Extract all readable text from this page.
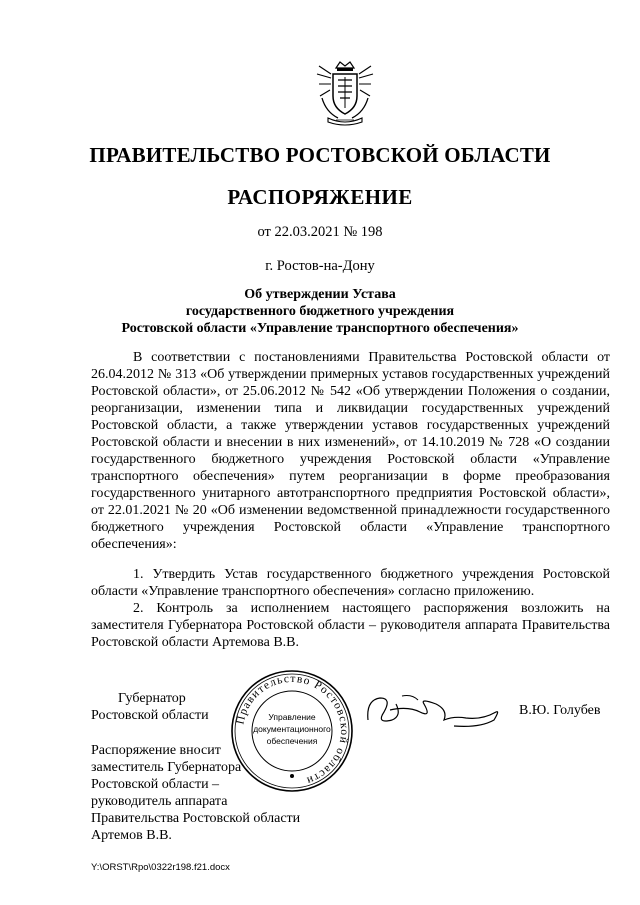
ПРАВИТЕЛЬСТВО РОСТОВСКОЙ ОБЛАСТИ
РАСПОРЯЖЕНИЕ
от 22.03.2021 № 198
г. Ростов-на-Дону
Об утверждении Устава
государственного бюджетного учреждения
Ростовской области «Управление транспортного обеспечения»

В соответствии с постановлениями Правительства Ростовской области от 26.04.2012 № 313 «Об утверждении примерных уставов государственных учреждений Ростовской области», от 25.06.2012 № 542 «Об утверждении Положения о создании, реорганизации, изменении типа и ликвидации государственных учреждений Ростовской области, а также утверждении уставов государственных учреждений Ростовской области и внесении в них изменений», от 14.10.2019 № 728 «О создании государственного бюджетного учреждения Ростовской области «Управление транспортного обеспечения» путем реорганизации в форме преобразования государственного унитарного автотранспортного предприятия Ростовской области», от 22.01.2021 № 20 «Об изменении ведомственной принадлежности государственного бюджетного учреждения Ростовской области «Управление транспортного обеспечения»:

1. Утвердить Устав государственного бюджетного учреждения Ростовской области «Управление транспортного обеспечения» согласно приложению.

2. Контроль за исполнением настоящего распоряжения возложить на заместителя Губернатора Ростовской области – руководителя аппарата Правительства Ростовской области Артемова В.В.

Губернатор
Ростовской области	В.Ю. Голубев
Правительство Ростовской области
Управление
документационного
обеспечения
Распоряжение вносит
заместитель Губернатора
Ростовской области –
руководитель аппарата
Правительства Ростовской области
Артемов В.В.
Y:\ORST\Rpo\0322r198.f21.docx
